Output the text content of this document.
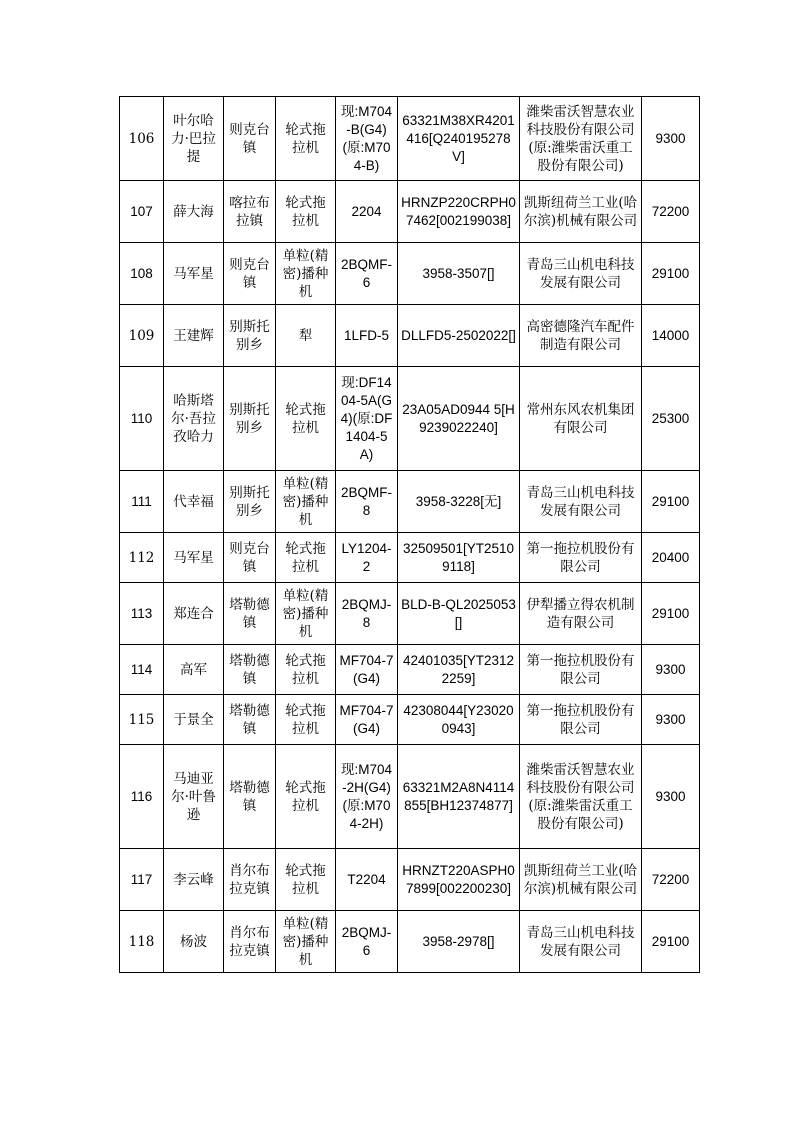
106	叶尔哈力·巴拉提	则克台镇	轮式拖拉机	现:M704-B(G4)(原:M704-B)	63321M38XR4201416[Q240195278V]	潍柴雷沃智慧农业科技股份有限公司(原:潍柴雷沃重工股份有限公司)	9300
107	薛大海	喀拉布拉镇	轮式拖拉机	2204	HRNZP220CRPH07462[002199038]	凯斯纽荷兰工业(哈尔滨)机械有限公司	72200
108	马军星	则克台镇	单粒(精密)播种机	2BQMF-6	3958-3507[]	青岛三山机电科技发展有限公司	29100
109	王建辉	别斯托别乡	犁	1LFD-5	DLLFD5-2502022[]	高密德隆汽车配件制造有限公司	14000
110	哈斯塔尔·吾拉孜哈力	别斯托别乡	轮式拖拉机	现:DF1404-5A(G4)(原:DF1404-5A)	23A05AD0944 5[H9239022240]	常州东风农机集团有限公司	25300
111	代幸福	别斯托别乡	单粒(精密)播种机	2BQMF-8	3958-3228[无]	青岛三山机电科技发展有限公司	29100
112	马军星	则克台镇	轮式拖拉机	LY1204-2	32509501[YT25109118]	第一拖拉机股份有限公司	20400
113	郑连合	塔勒德镇	单粒(精密)播种机	2BQMJ-8	BLD-B-QL2025053[]	伊犁播立得农机制造有限公司	29100
114	高军	塔勒德镇	轮式拖拉机	MF704-7(G4)	42401035[YT23122259]	第一拖拉机股份有限公司	9300
115	于景全	塔勒德镇	轮式拖拉机	MF704-7(G4)	42308044[Y230200943]	第一拖拉机股份有限公司	9300
116	马迪亚尔·叶鲁逊	塔勒德镇	轮式拖拉机	现:M704-2H(G4)(原:M704-2H)	63321M2A8N4114855[BH12374877]	潍柴雷沃智慧农业科技股份有限公司(原:潍柴雷沃重工股份有限公司)	9300
117	李云峰	肖尔布拉克镇	轮式拖拉机	T2204	HRNZT220ASPH07899[002200230]	凯斯纽荷兰工业(哈尔滨)机械有限公司	72200
118	杨波	肖尔布拉克镇	单粒(精密)播种机	2BQMJ-6	3958-2978[]	青岛三山机电科技发展有限公司	29100
